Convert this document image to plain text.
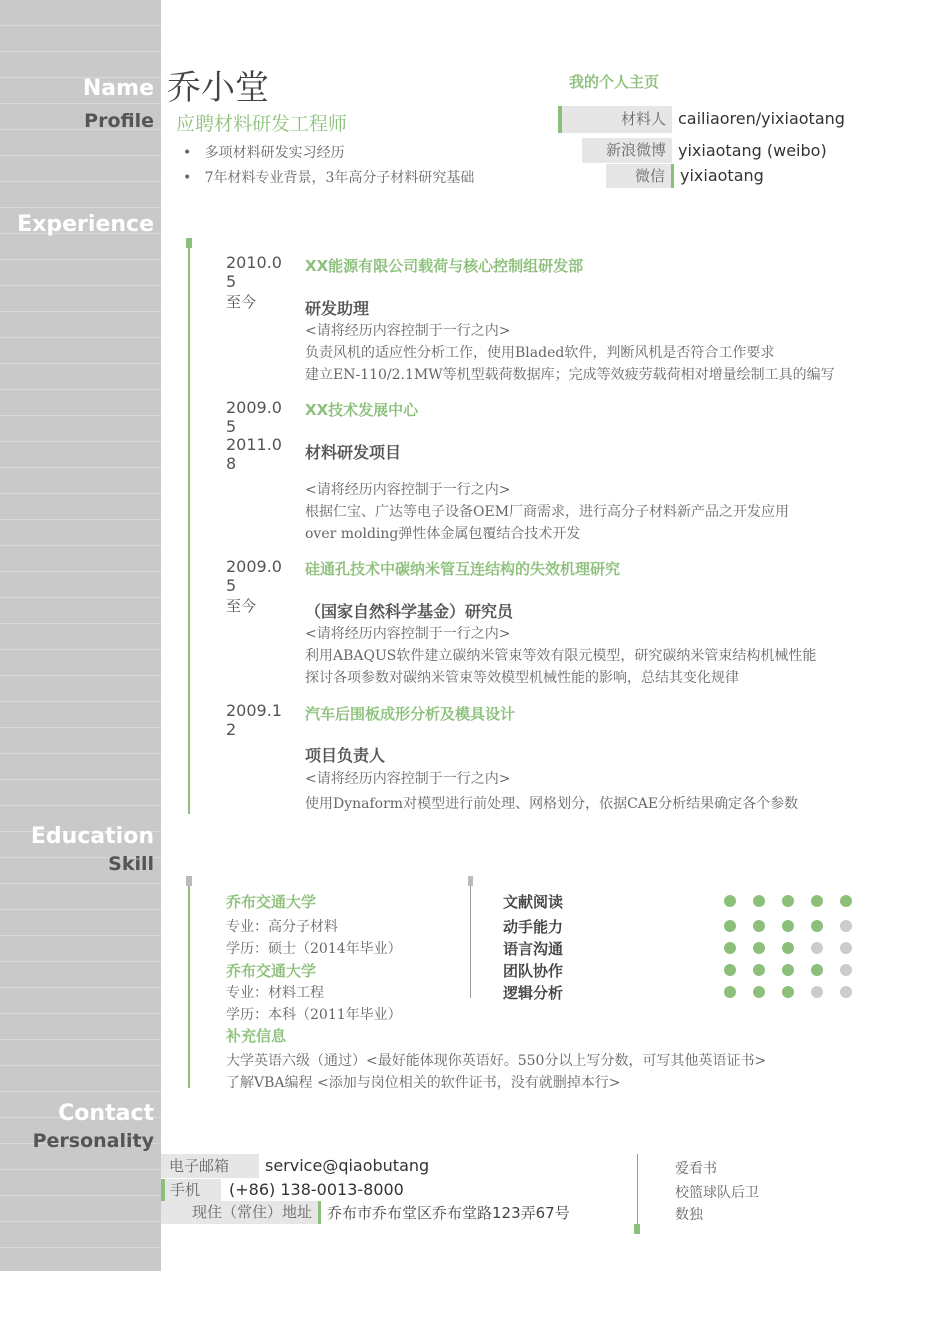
Name
Profile
Experience
Education
Skill
Contact
Personality
乔小堂
应聘材料研发工程师
•   多项材料研发实习经历
•   7年材料专业背景，3年高分子材料研究基础
我的个人主页
材料人 cailiaoren/yixiaotang
新浪微博 yixiaotang (weibo)
微信 yixiaotang
2010.05
至今
XX能源有限公司载荷与核心控制组研发部
研发助理
<请将经历内容控制于一行之内>
负责风机的适应性分析工作，使用Bladed软件，判断风机是否符合工作要求
建立EN-110/2.1MW等机型载荷数据库；完成等效疲劳载荷相对增量绘制工具的编写
2009.05
2011.08
XX技术发展中心
材料研发项目
<请将经历内容控制于一行之内>
根据仁宝、广达等电子设备OEM厂商需求，进行高分子材料新产品之开发应用
over molding弹性体金属包覆结合技术开发
2009.05
至今
硅通孔技术中碳纳米管互连结构的失效机理研究
（国家自然科学基金）研究员
<请将经历内容控制于一行之内>
利用ABAQUS软件建立碳纳米管束等效有限元模型，研究碳纳米管束结构机械性能
探讨各项参数对碳纳米管束等效模型机械性能的影响，总结其变化规律
2009.12
汽车后围板成形分析及模具设计
项目负责人
<请将经历内容控制于一行之内>
使用Dynaform对模型进行前处理、网格划分，依据CAE分析结果确定各个参数
乔布交通大学
专业：高分子材料
学历：硕士（2014年毕业）
乔布交通大学
专业：材料工程
学历：本科（2011年毕业）
补充信息
大学英语六级（通过）<最好能体现你英语好。550分以上写分数，可写其他英语证书>
了解VBA编程 <添加与岗位相关的软件证书，没有就删掉本行>
文献阅读
动手能力
语言沟通
团队协作
逻辑分析
电子邮箱	service@qiaobutang
手机	(+86) 138-0013-8000
现住（常住）地址	乔布市乔布堂区乔布堂路123弄67号
爱看书
校篮球队后卫
数独
